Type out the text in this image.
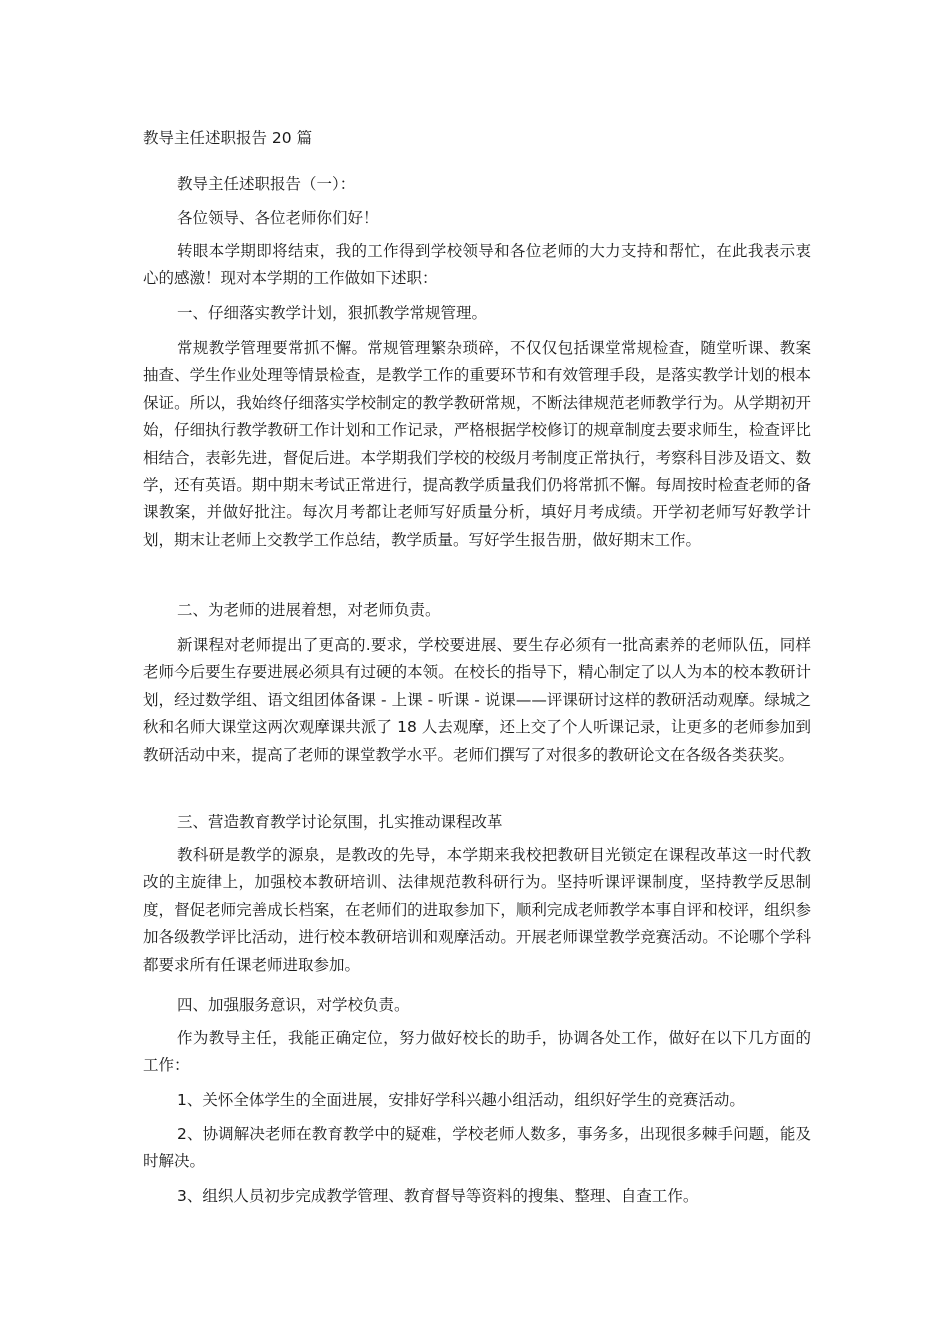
教导主任述职报告 20 篇

教导主任述职报告（一）：

各位领导、各位老师你们好！

转眼本学期即将结束，我的工作得到学校领导和各位老师的大力支持和帮忙，在此我表示衷心的感激！现对本学期的工作做如下述职：

一、仔细落实教学计划，狠抓教学常规管理。

常规教学管理要常抓不懈。常规管理繁杂琐碎，不仅仅包括课堂常规检查，随堂听课、教案抽查、学生作业处理等情景检查，是教学工作的重要环节和有效管理手段，是落实教学计划的根本保证。所以，我始终仔细落实学校制定的教学教研常规，不断法律规范老师教学行为。从学期初开始，仔细执行教学教研工作计划和工作记录，严格根据学校修订的规章制度去要求师生，检查评比相结合，表彰先进，督促后进。本学期我们学校的校级月考制度正常执行，考察科目涉及语文、数学，还有英语。期中期末考试正常进行，提高教学质量我们仍将常抓不懈。每周按时检查老师的备课教案，并做好批注。每次月考都让老师写好质量分析，填好月考成绩。开学初老师写好教学计划，期末让老师上交教学工作总结，教学质量。写好学生报告册，做好期末工作。

二、为老师的进展着想，对老师负责。

新课程对老师提出了更高的.要求，学校要进展、要生存必须有一批高素养的老师队伍，同样老师今后要生存要进展必须具有过硬的本领。在校长的指导下，精心制定了以人为本的校本教研计划，经过数学组、语文组团体备课 - 上课 - 听课 - 说课——评课研讨这样的教研活动观摩。绿城之秋和名师大课堂这两次观摩课共派了 18 人去观摩，还上交了个人听课记录，让更多的老师参加到教研活动中来，提高了老师的课堂教学水平。老师们撰写了对很多的教研论文在各级各类获奖。

三、营造教育教学讨论氛围，扎实推动课程改革

教科研是教学的源泉，是教改的先导，本学期来我校把教研目光锁定在课程改革这一时代教改的主旋律上，加强校本教研培训、法律规范教科研行为。坚持听课评课制度，坚持教学反思制度，督促老师完善成长档案，在老师们的进取参加下，顺利完成老师教学本事自评和校评，组织参加各级教学评比活动，进行校本教研培训和观摩活动。开展老师课堂教学竞赛活动。不论哪个学科都要求所有任课老师进取参加。

四、加强服务意识，对学校负责。

作为教导主任，我能正确定位，努力做好校长的助手，协调各处工作，做好在以下几方面的工作：

1、关怀全体学生的全面进展，安排好学科兴趣小组活动，组织好学生的竞赛活动。

2、协调解决老师在教育教学中的疑难，学校老师人数多，事务多，出现很多棘手问题，能及时解决。

3、组织人员初步完成教学管理、教育督导等资料的搜集、整理、自查工作。
